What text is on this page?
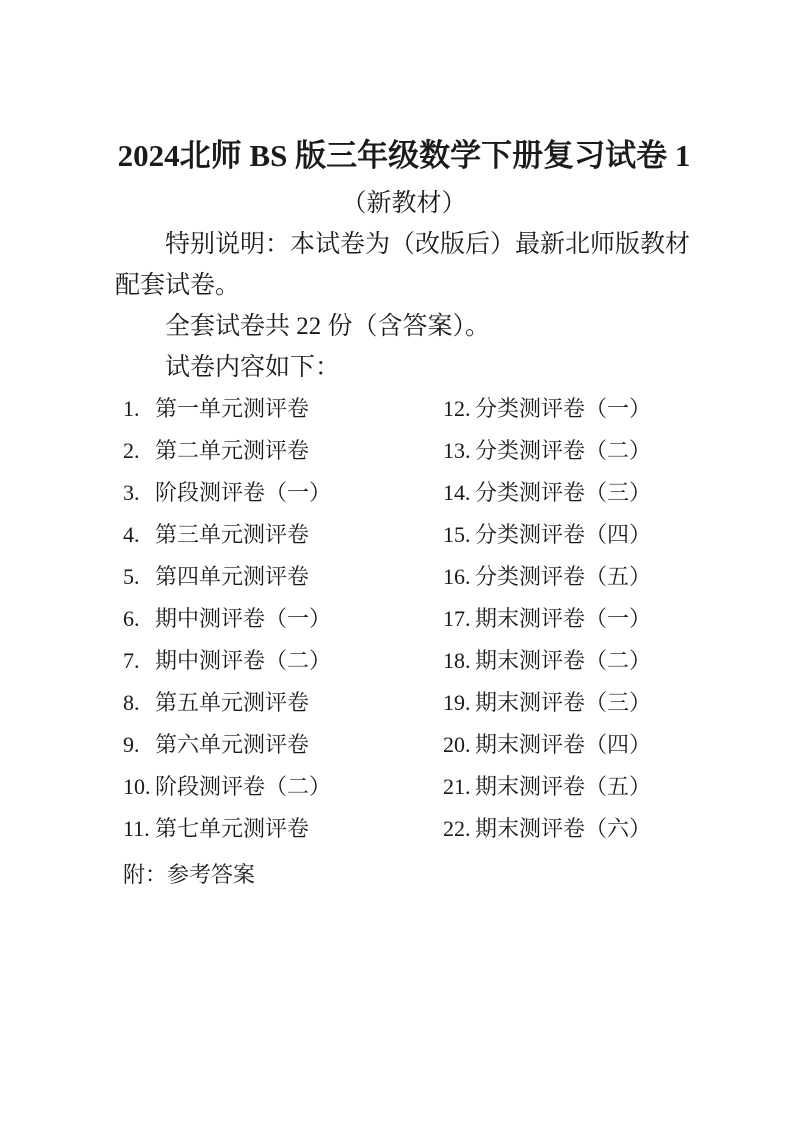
2024北师 BS 版三年级数学下册复习试卷 1
（新教材）

特别说明：本试卷为（改版后）最新北师版教材配套试卷。

全套试卷共 22 份（含答案）。

试卷内容如下：

1. 第一单元测评卷
2. 第二单元测评卷
3. 阶段测评卷（一）
4. 第三单元测评卷
5. 第四单元测评卷
6. 期中测评卷（一）
7. 期中测评卷（二）
8. 第五单元测评卷
9. 第六单元测评卷
10. 阶段测评卷（二）
11. 第七单元测评卷
12. 分类测评卷（一）
13. 分类测评卷（二）
14. 分类测评卷（三）
15. 分类测评卷（四）
16. 分类测评卷（五）
17. 期末测评卷（一）
18. 期末测评卷（二）
19. 期末测评卷（三）
20. 期末测评卷（四）
21. 期末测评卷（五）
22. 期末测评卷（六）

附：参考答案
